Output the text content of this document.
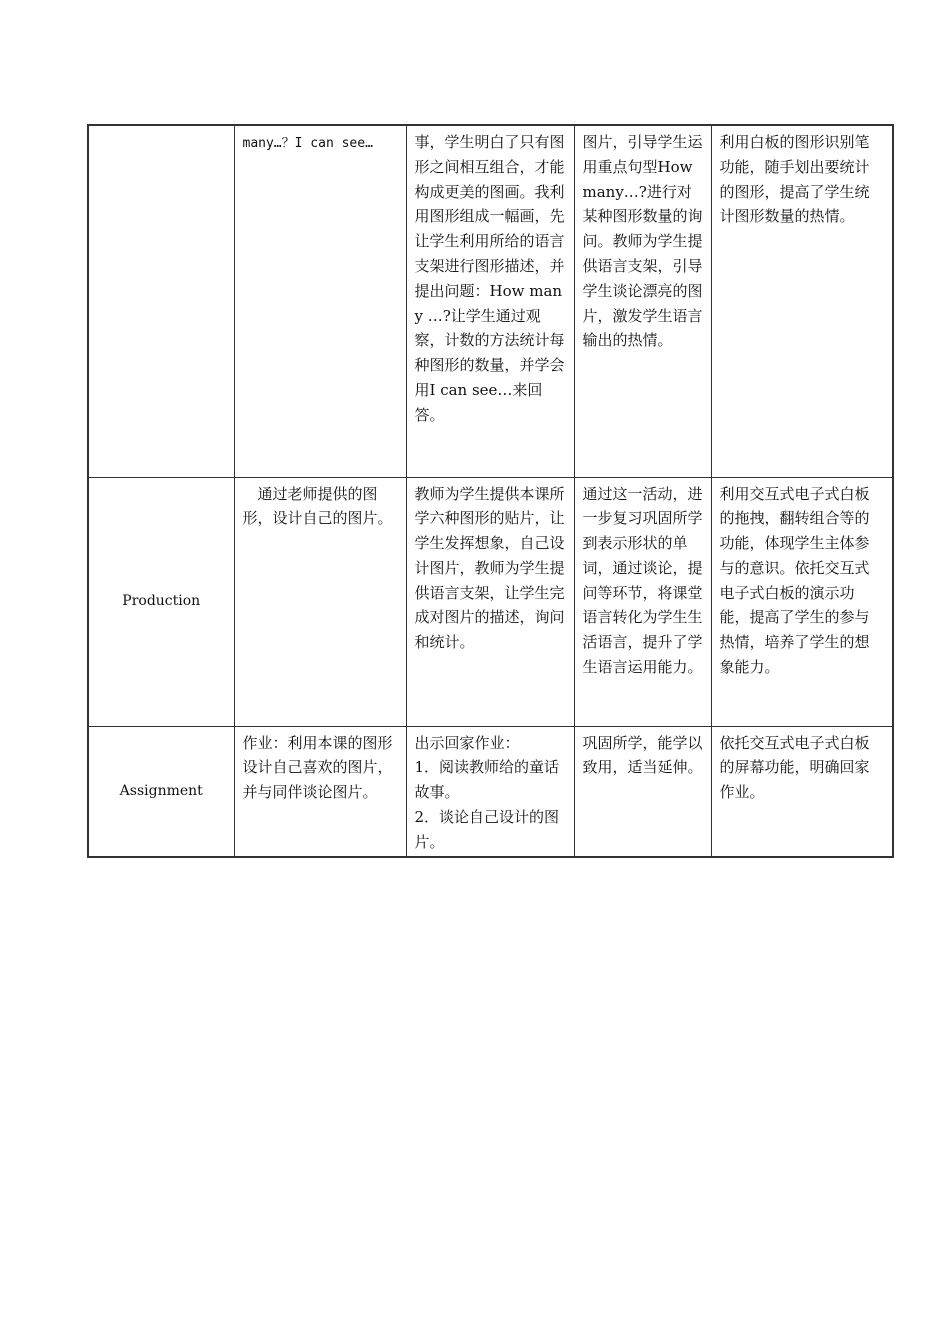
	many…？I can see…	事，学生明白了只有图形之间相互组合，才能构成更美的图画。我利用图形组成一幅画，先让学生利用所给的语言支架进行图形描述，并提出问题：How many …?让学生通过观察，计数的方法统计每种图形的数量，并学会用I can see…来回答。	图片，引导学生运用重点句型How many…?进行对某种图形数量的询问。教师为学生提供语言支架，引导学生谈论漂亮的图片，激发学生语言输出的热情。	利用白板的图形识别笔功能，随手划出要统计的图形，提高了学生统计图形数量的热情。
Production	通过老师提供的图形，设计自己的图片。	教师为学生提供本课所学六种图形的贴片，让学生发挥想象，自己设计图片，教师为学生提供语言支架，让学生完成对图片的描述，询问和统计。	通过这一活动，进一步复习巩固所学到表示形状的单词，通过谈论，提问等环节，将课堂语言转化为学生生活语言，提升了学生语言运用能力。	利用交互式电子式白板的拖拽，翻转组合等的功能，体现学生主体参与的意识。依托交互式电子式白板的演示功能，提高了学生的参与热情，培养了学生的想象能力。
Assignment	作业：利用本课的图形设计自己喜欢的图片，并与同伴谈论图片。	出示回家作业：
1．阅读教师给的童话故事。
2．谈论自己设计的图片。	巩固所学，能学以致用，适当延伸。	依托交互式电子式白板的屏幕功能，明确回家作业。
